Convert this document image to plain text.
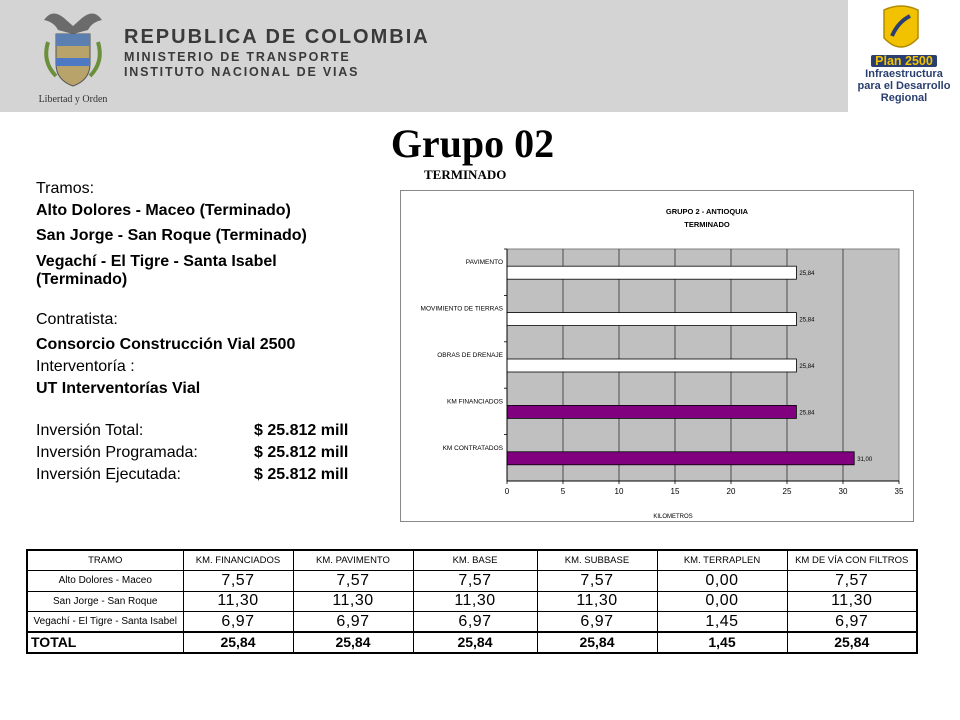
Libertad y Orden
REPUBLICA DE COLOMBIA
MINISTERIO DE TRANSPORTE
INSTITUTO NACIONAL DE VIAS
Plan 2500
Infraestructura
para el Desarrollo
Regional
Grupo 02
TERMINADO
Tramos:
Alto Dolores - Maceo (Terminado)
San Jorge - San Roque (Terminado)
Vegachí - El Tigre - Santa Isabel (Terminado)
Contratista:
Consorcio Construcción Vial 2500
Interventoría :
UT Interventorías Vial
Inversión Total:	$ 25.812 mill
Inversión Programada:	$ 25.812 mill
Inversión Ejecutada:	$ 25.812 mill
GRUPO 2 - ANTIOQUIA
TERMINADO
0	5	10	15	20	25	30	35
PAVIMENTO
25,84
MOVIMIENTO DE TIERRAS
25,84
OBRAS DE DRENAJE
25,84
KM FINANCIADOS
25,84
KM CONTRATADOS
31,00
KILOMETROS
TRAMO	KM. FINANCIADOS	KM. PAVIMENTO	KM. BASE	KM. SUBBASE	KM. TERRAPLEN	KM DE VÍA CON FILTROS
Alto Dolores - Maceo	7,57	7,57	7,57	7,57	0,00	7,57
San Jorge - San Roque	11,30	11,30	11,30	11,30	0,00	11,30
Vegachí - El Tigre - Santa Isabel	6,97	6,97	6,97	6,97	1,45	6,97
TOTAL	25,84	25,84	25,84	25,84	1,45	25,84
